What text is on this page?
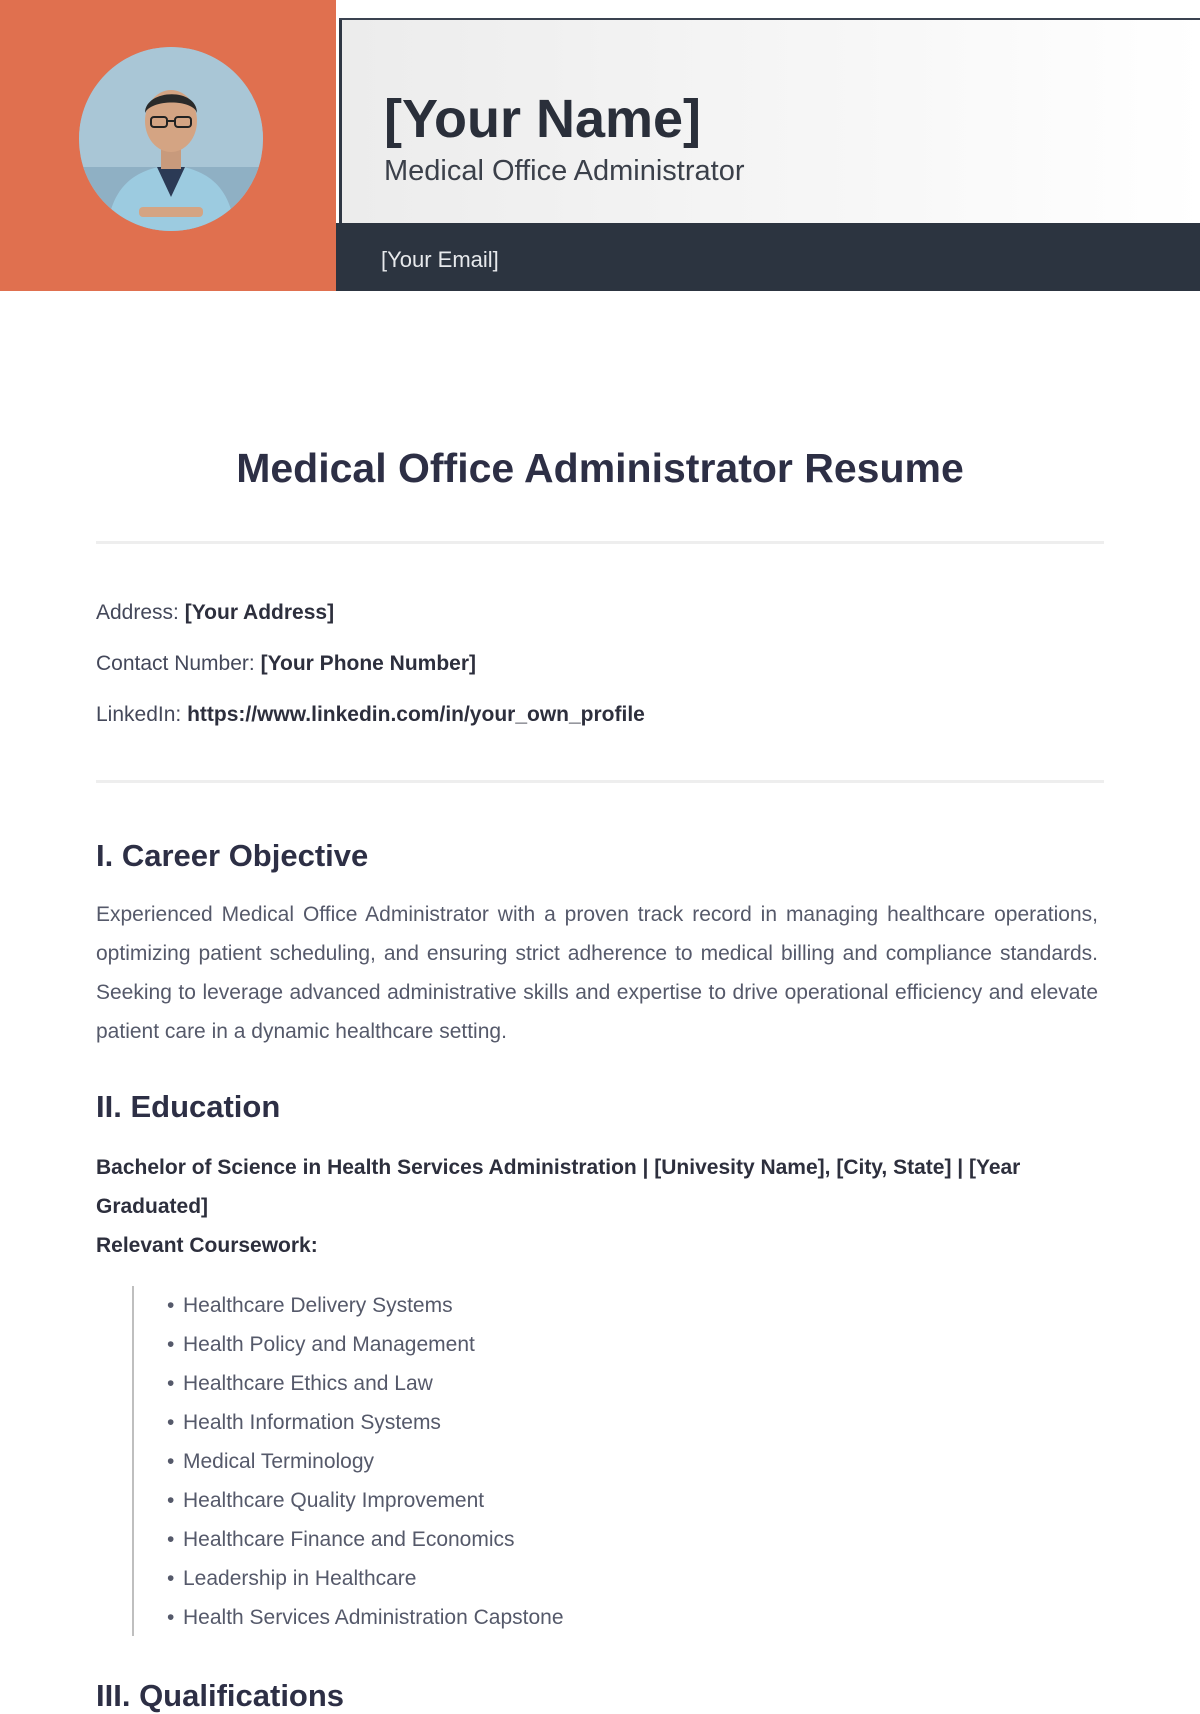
[Your Name]
Medical Office Administrator
[Your Email]
Medical Office Administrator Resume
Address: [Your Address]
Contact Number: [Your Phone Number]
LinkedIn: https://www.linkedin.com/in/your_own_profile
I. Career Objective
Experienced Medical Office Administrator with a proven track record in managing healthcare operations, optimizing patient scheduling, and ensuring strict adherence to medical billing and compliance standards. Seeking to leverage advanced administrative skills and expertise to drive operational efficiency and elevate patient care in a dynamic healthcare setting.
II. Education
Bachelor of Science in Health Services Administration | [Univesity Name], [City, State] | [Year Graduated]
Relevant Coursework:
• Healthcare Delivery Systems
• Health Policy and Management
• Healthcare Ethics and Law
• Health Information Systems
• Medical Terminology
• Healthcare Quality Improvement
• Healthcare Finance and Economics
• Leadership in Healthcare
• Health Services Administration Capstone
III. Qualifications
